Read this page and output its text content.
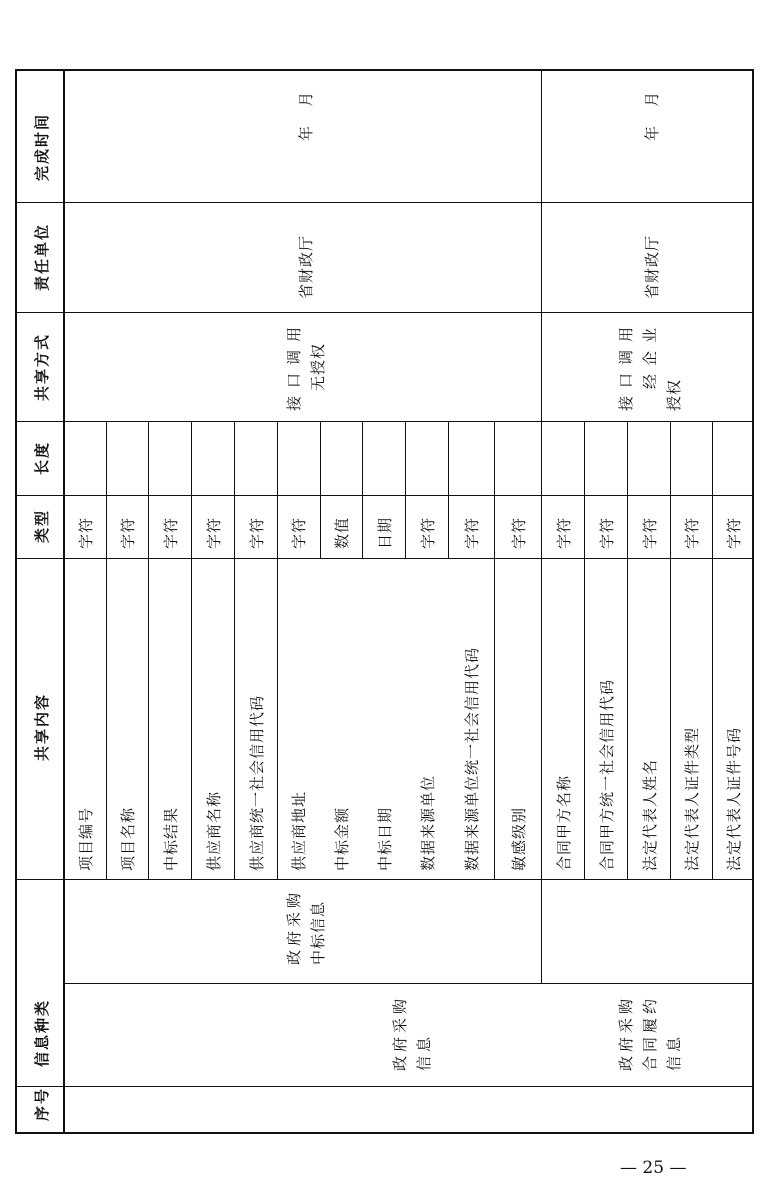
完成时间
责任单位
共享方式
长度
类型
共享内容
信息种类
序号
月
年
省财政厅
接口调用 无授权
月
年
省财政厅
接口调用 经企业
授权
政府采购 中标信息
政府采购 合同履约 信息
政府采购 信息
项目编号
字符
项目名称
字符
中标结果
字符
供应商名称
字符
供应商统一社会信用代码
字符
供应商地址
字符
中标金额
数值
中标日期
日期
数据来源单位
字符
数据来源单位统一社会信用代码
字符
敏感级别
字符
合同甲方名称
字符
合同甲方统一社会信用代码
字符
法定代表人姓名
字符
法定代表人证件类型
字符
法定代表人证件号码
字符
— 25 —
